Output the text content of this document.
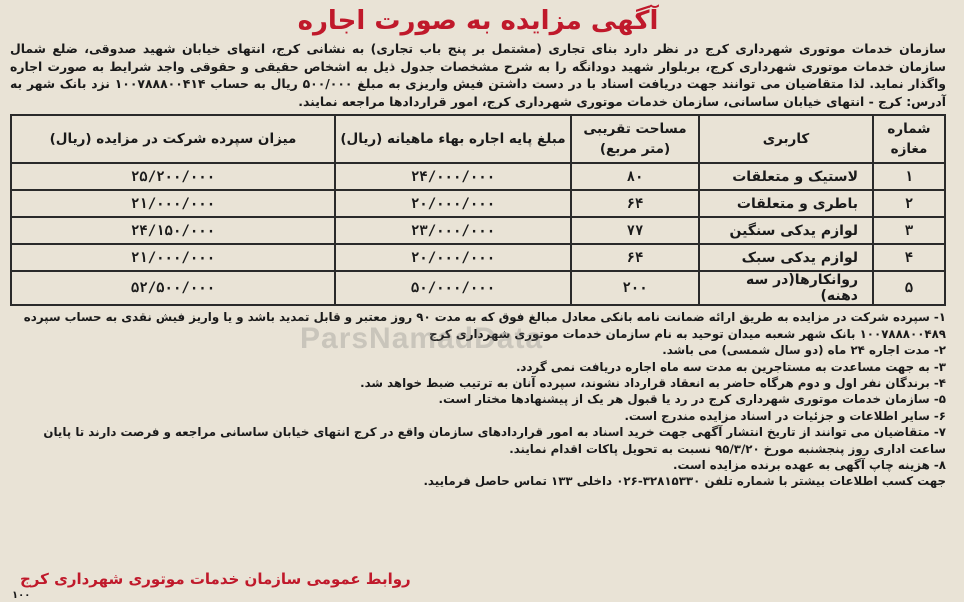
آگهی مزایده به صورت اجاره

سازمان خدمات موتوری شهرداری کرج در نظر دارد بنای تجاری (مشتمل بر پنج باب تجاری) به نشانی کرج، انتهای خیابان شهید صدوقی، ضلع شمال سازمان خدمات موتوری شهرداری کرج، بربلوار شهید دودانگه را به شرح مشخصات جدول ذیل به اشخاص حقیقی و حقوقی واجد شرایط به صورت اجاره واگذار نماید. لذا متقاضیان می توانند جهت دریافت اسناد با در دست داشتن فیش واریزی به مبلغ ۵۰۰/۰۰۰ ریال به حساب ۱۰۰۷۸۸۸۰۰۴۱۴ نزد بانک شهر به آدرس: کرج - انتهای خیابان ساسانی، سازمان خدمات موتوری شهرداری کرج، امور قراردادها مراجعه نمایند.

شماره مغازه	کاربری	مساحت تقریبی (متر مربع)	مبلغ پایه اجاره بهاء ماهیانه (ریال)	میزان سپرده شرکت در مزایده (ریال)
۱	لاستیک و متعلقات	۸۰	۲۴/۰۰۰/۰۰۰	۲۵/۲۰۰/۰۰۰
۲	باطری و متعلقات	۶۴	۲۰/۰۰۰/۰۰۰	۲۱/۰۰۰/۰۰۰
۳	لوازم یدکی سنگین	۷۷	۲۳/۰۰۰/۰۰۰	۲۴/۱۵۰/۰۰۰
۴	لوازم یدکی سبک	۶۴	۲۰/۰۰۰/۰۰۰	۲۱/۰۰۰/۰۰۰
۵	روانکارها(در سه دهنه)	۲۰۰	۵۰/۰۰۰/۰۰۰	۵۲/۵۰۰/۰۰۰

۱- سپرده شرکت در مزایده به طریق ارائه ضمانت نامه بانکی معادل مبالغ فوق که به مدت ۹۰ روز معتبر و قابل تمدید باشد و یا واریز فیش نقدی به حساب سپرده ۱۰۰۷۸۸۸۰۰۴۸۹ بانک شهر شعبه میدان توحید به نام سازمان خدمات موتوری شهرداری کرج

۲- مدت اجاره ۲۴ ماه (دو سال شمسی) می باشد.

۳- به جهت مساعدت به مستاجرین به مدت سه ماه اجاره دریافت نمی گردد.

۴- برندگان نفر اول و دوم هرگاه حاضر به انعقاد قرارداد نشوند، سپرده آنان به ترتیب ضبط خواهد شد.

۵- سازمان خدمات موتوری شهرداری کرج در رد یا قبول هر یک از پیشنهادها مختار است.

۶- سایر اطلاعات و جزئیات در اسناد مزایده مندرج است.

۷- متقاضیان می توانند از تاریخ انتشار آگهی جهت خرید اسناد به امور قراردادهای سازمان واقع در کرج انتهای خیابان ساسانی مراجعه و فرصت دارند تا پایان ساعت اداری روز پنجشنبه مورخ ۹۵/۳/۲۰ نسبت به تحویل پاکات اقدام نمایند.

۸- هزینه چاپ آگهی به عهده برنده مزایده است.

جهت کسب اطلاعات بیشتر با شماره تلفن ۳۲۸۱۵۳۳۰-۰۲۶ داخلی ۱۳۳ تماس حاصل فرمایید.

روابط عمومی سازمان خدمات موتوری شهرداری کرج
۱۰۰
ParsNamadData
